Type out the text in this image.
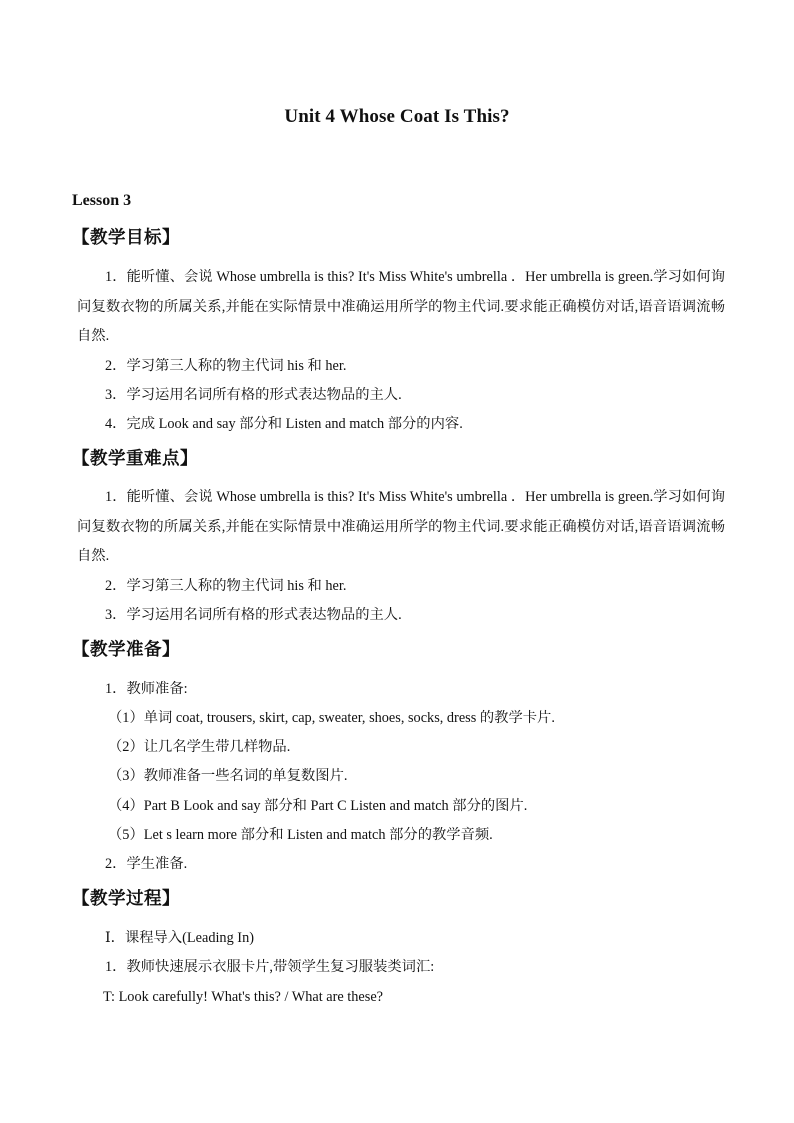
Unit 4 Whose Coat Is This?
Lesson 3
【教学目标】
1．能听懂、会说 Whose umbrella is this? It's Miss White's umbrella ．Her umbrella is green.学习如何询问复数衣物的所属关系,并能在实际情景中准确运用所学的物主代词.要求能正确模仿对话,语音语调流畅自然.
2．学习第三人称的物主代词 his 和 her.
3．学习运用名词所有格的形式表达物品的主人.
4．完成 Look and say 部分和 Listen and match 部分的内容.
【教学重难点】
1．能听懂、会说 Whose umbrella is this? It's Miss White's umbrella ．Her umbrella is green.学习如何询问复数衣物的所属关系,并能在实际情景中准确运用所学的物主代词.要求能正确模仿对话,语音语调流畅自然.
2．学习第三人称的物主代词 his 和 her.
3．学习运用名词所有格的形式表达物品的主人.
【教学准备】
1．教师准备:
（1）单词 coat, trousers, skirt, cap, sweater, shoes, socks, dress 的教学卡片.
（2）让几名学生带几样物品.
（3）教师准备一些名词的单复数图片.
（4）Part B Look and say 部分和 Part C Listen and match 部分的图片.
（5）Let s learn more 部分和 Listen and match 部分的教学音频.
2．学生准备.
【教学过程】
Ⅰ．课程导入(Leading In)
1．教师快速展示衣服卡片,带领学生复习服装类词汇:
T: Look carefully! What's this? / What are these?
